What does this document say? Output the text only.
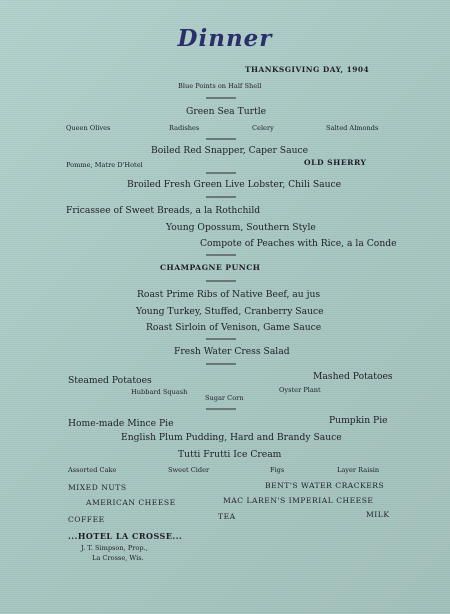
Dinner
THANKSGIVING DAY, 1904
Blue Points on Half Shell
Green Sea Turtle
Queen Olives	Radishes	Celery	Salted Almonds
Boiled Red Snapper, Caper Sauce
Pomme, Matre D'Hotel	OLD SHERRY
Broiled Fresh Green Live Lobster, Chili Sauce
Fricassee of Sweet Breads, a la Rothchild
Young Opossum, Southern Style
Compote of Peaches with Rice, a la Conde
CHAMPAGNE PUNCH
Roast Prime Ribs of Native Beef, au jus
Young Turkey, Stuffed, Cranberry Sauce
Roast Sirloin of Venison, Game Sauce
Fresh Water Cress Salad
Steamed Potatoes	Mashed Potatoes
Hubbard Squash	Oyster Plant
Sugar Corn
Home-made Mince Pie	Pumpkin Pie
English Plum Pudding, Hard and Brandy Sauce
Tutti Frutti Ice Cream
Assorted Cake	Sweet Cider	Figs	Layer Raisin
MIXED NUTS	BENT'S WATER CRACKERS
AMERICAN CHEESE	MAC LAREN'S IMPERIAL CHEESE
COFFEE	TEA	MILK
...HOTEL LA CROSSE...
J. T. Simpson, Prop.,
La Crosse, Wis.
